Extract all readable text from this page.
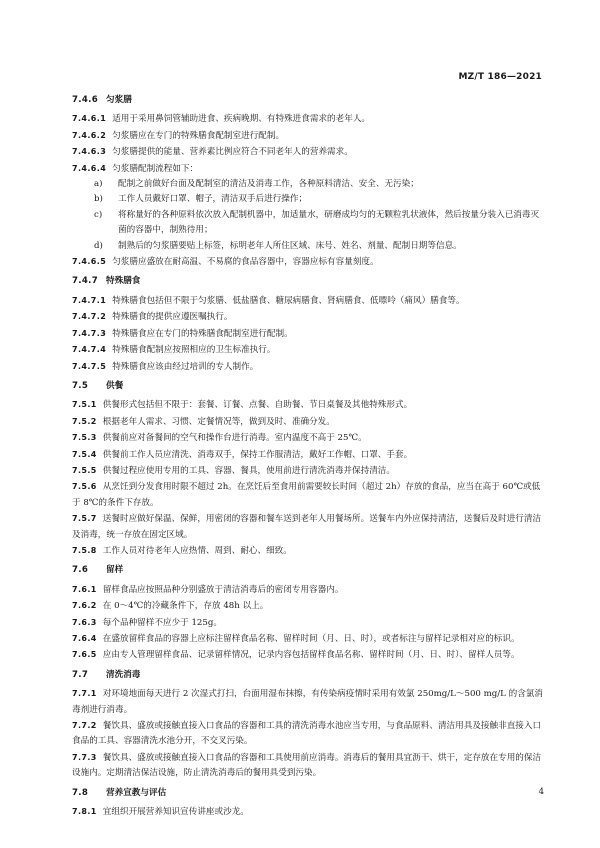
MZ/T 186—2021
7.4.6 匀浆膳
7.4.6.1 适用于采用鼻饲管辅助进食、疾病晚期、有特殊进食需求的老年人。
7.4.6.2 匀浆膳应在专门的特殊膳食配制室进行配制。
7.4.6.3 匀浆膳提供的能量、营养素比例应符合不同老年人的营养需求。
7.4.6.4 匀浆膳配制流程如下：
a) 配制之前做好台面及配制室的清洁及消毒工作，各种原料清洁、安全、无污染；
b) 工作人员戴好口罩、帽子，清洁双手后进行操作；
c) 将称量好的各种原料依次放入配制机器中，加适量水，研磨成均匀的无颗粒乳状液体，然后按量分装入已消毒灭菌的容器中，制熟待用；
d) 制熟后的匀浆膳要贴上标签，标明老年人所住区域、床号、姓名、剂量、配制日期等信息。
7.4.6.5 匀浆膳应盛放在耐高温、不易腐的食品容器中，容器应标有容量刻度。
7.4.7 特殊膳食
7.4.7.1 特殊膳食包括但不限于匀浆膳、低盐膳食、糖尿病膳食、肾病膳食、低嘌呤（痛风）膳食等。
7.4.7.2 特殊膳食的提供应遵医嘱执行。
7.4.7.3 特殊膳食应在专门的特殊膳食配制室进行配制。
7.4.7.4 特殊膳食配制应按照相应的卫生标准执行。
7.4.7.5 特殊膳食应该由经过培训的专人制作。
7.5 供餐
7.5.1 供餐形式包括但不限于：套餐、订餐、点餐、自助餐、节日桌餐及其他特殊形式。
7.5.2 根据老年人需求、习惯、定餐情况等，做到及时、准确分发。
7.5.3 供餐前应对备餐间的空气和操作台进行消毒。室内温度不高于 25℃。
7.5.4 供餐前工作人员应清洗、消毒双手，保持工作服清洁，戴好工作帽、口罩、手套。
7.5.5 供餐过程应使用专用的工具、容器、餐具，使用前进行清洗消毒并保持清洁。
7.5.6 从烹饪到分发食用时限不超过 2h。在烹饪后至食用前需要较长时间（超过 2h）存放的食品，应当在高于 60℃或低于 8℃的条件下存放。
7.5.7 送餐时应做好保温、保鲜，用密闭的容器和餐车送到老年人用餐场所。送餐车内外应保持清洁，送餐后及时进行清洁及消毒，统一存放在固定区域。
7.5.8 工作人员对待老年人应热情、周到、耐心、细致。
7.6 留样
7.6.1 留样食品应按照品种分别盛放于清洁消毒后的密闭专用容器内。
7.6.2 在 0～4℃的冷藏条件下，存放 48h 以上。
7.6.3 每个品种留样不应少于 125g。
7.6.4 在盛放留样食品的容器上应标注留样食品名称、留样时间（月、日、时），或者标注与留样记录相对应的标识。
7.6.5 应由专人管理留样食品、记录留样情况，记录内容包括留样食品名称、留样时间（月、日、时）、留样人员等。
7.7 清洗消毒
7.7.1 对环境地面每天进行 2 次湿式打扫，台面用湿布抹擦，有传染病疫情时采用有效氯 250mg/L～500 mg/L 的含氯消毒剂进行消毒。
7.7.2 餐饮具、盛放或接触直接入口食品的容器和工具的清洗消毒水池应当专用，与食品原料、清洁用具及接触非直接入口食品的工具、容器清洗水池分开，不交叉污染。
7.7.3 餐饮具、盛放或接触直接入口食品的容器和工具使用前应消毒。消毒后的餐用具宜沥干、烘干，定存放在专用的保洁设施内。定期清洁保洁设施，防止清洗消毒后的餐用具受到污染。
7.8 营养宣教与评估
7.8.1 宜组织开展营养知识宣传讲座或沙龙。
4
